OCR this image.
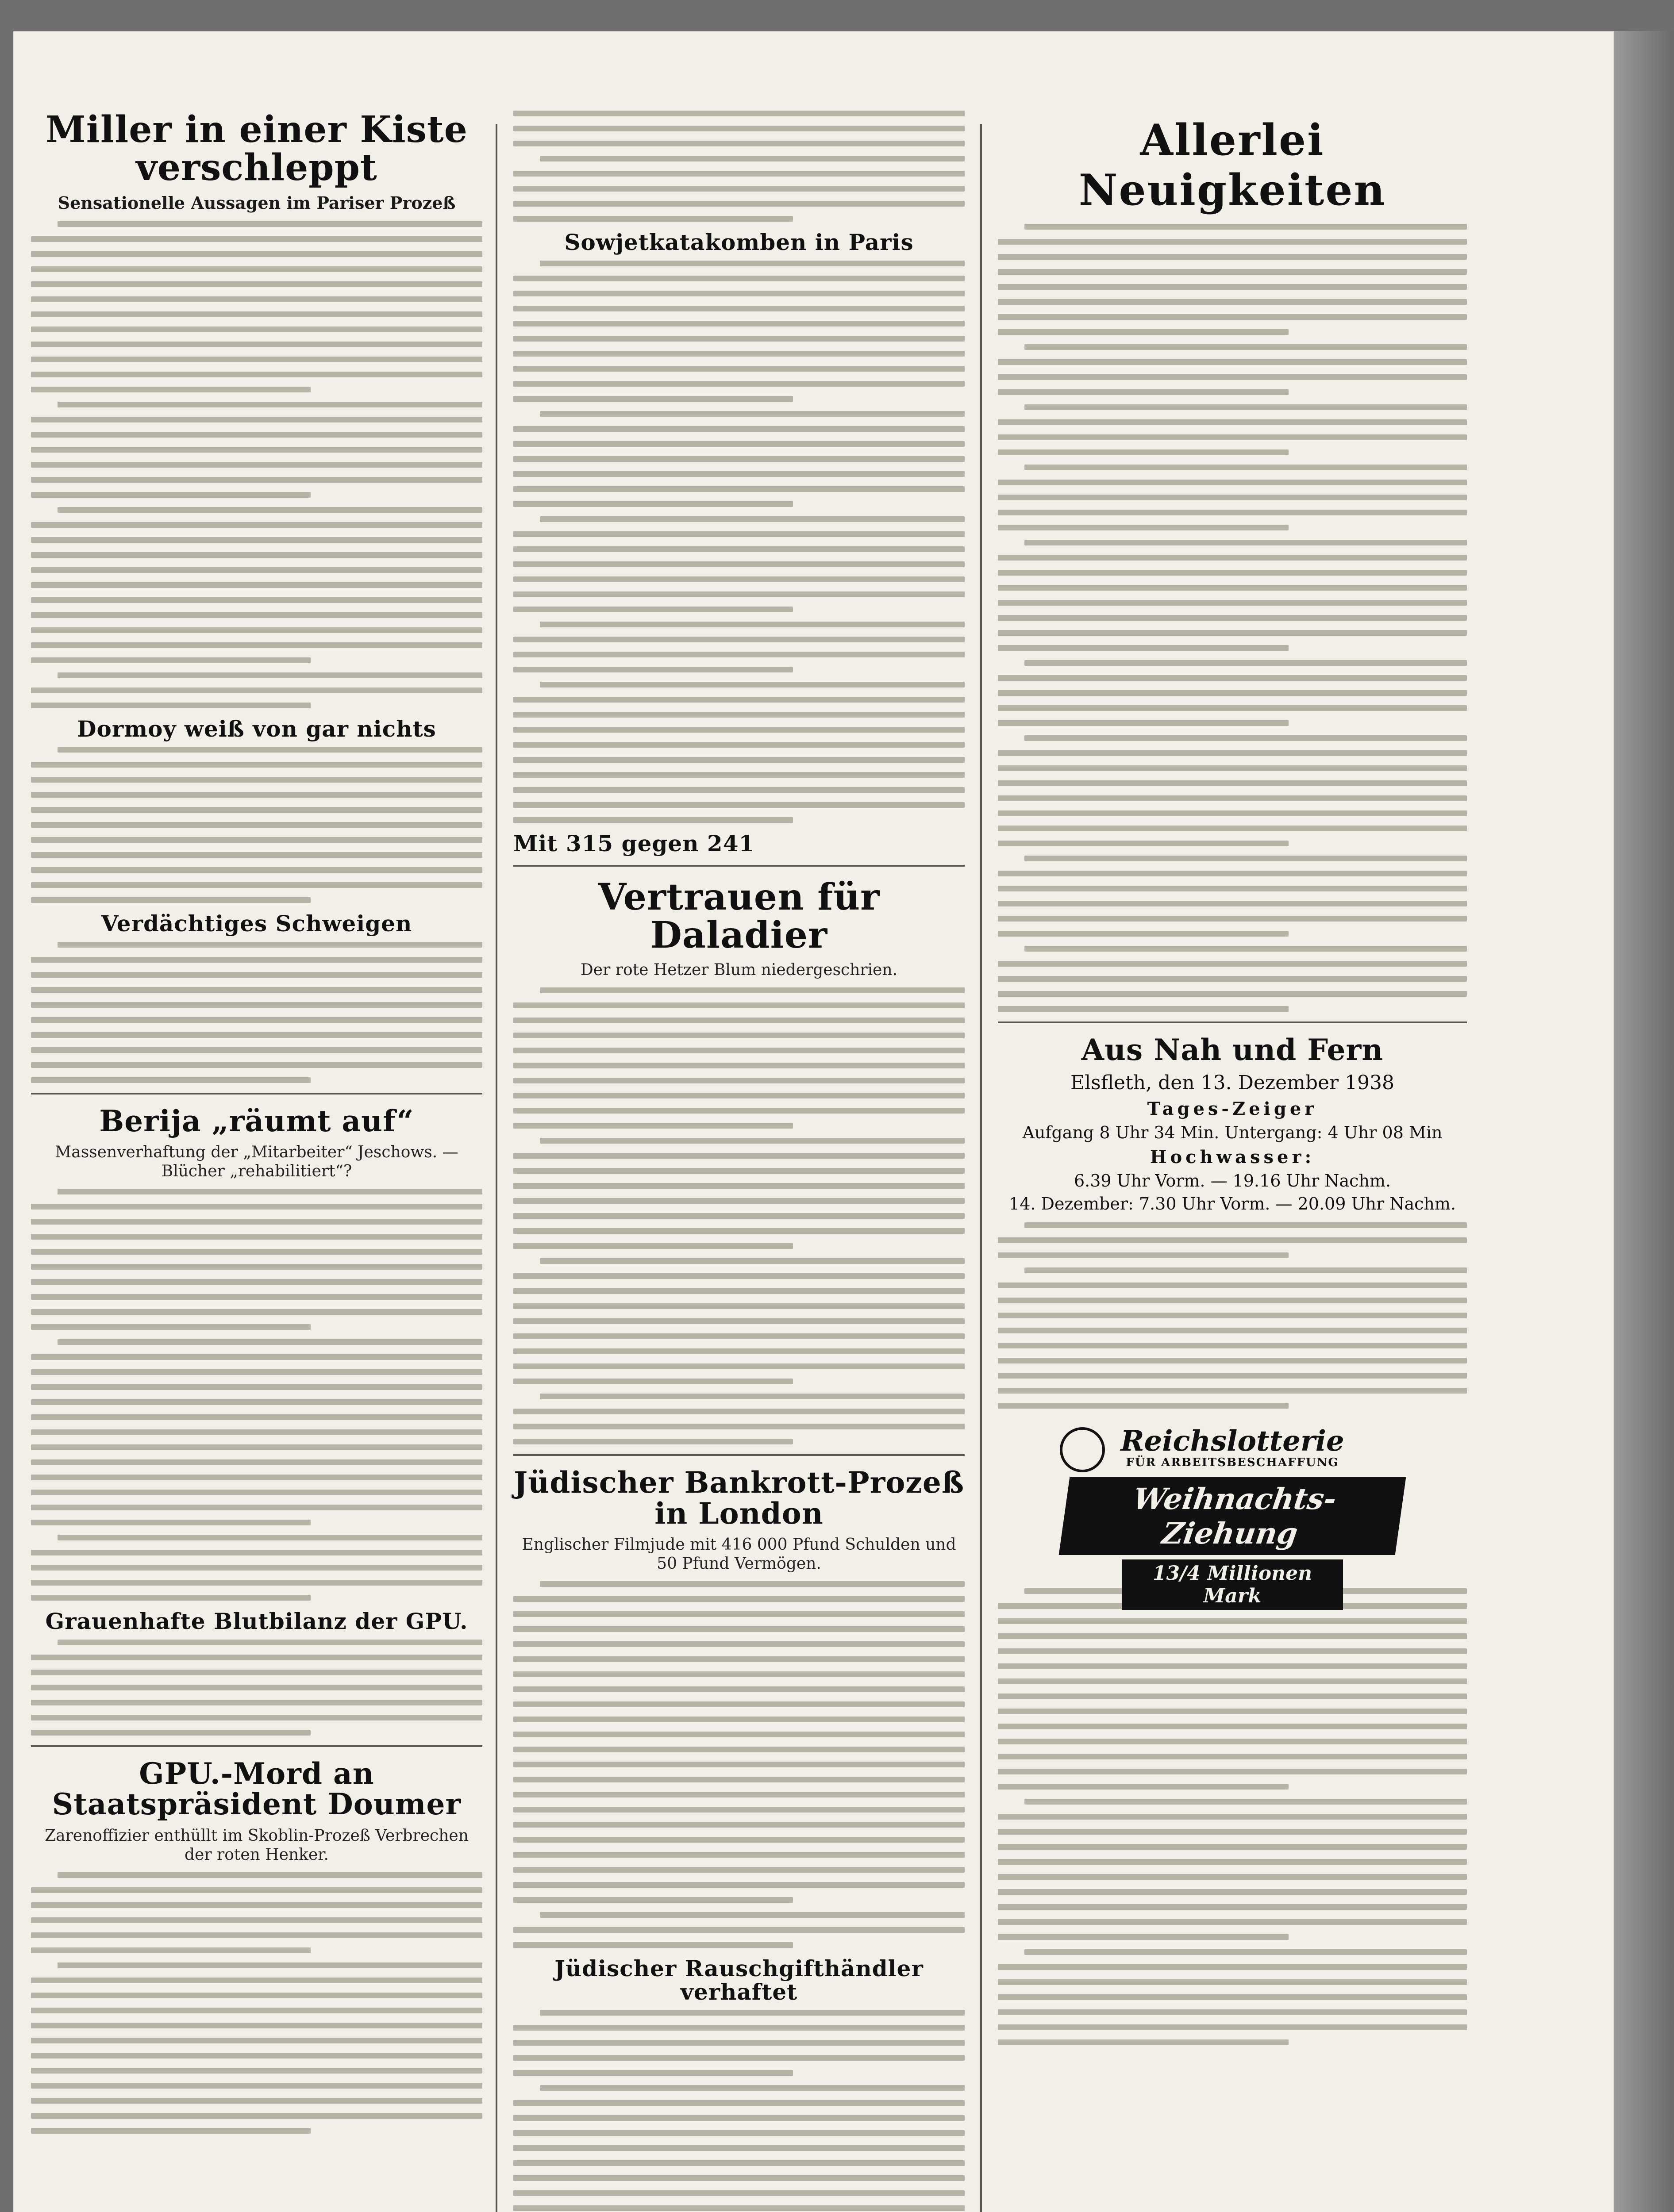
Miller in einer Kiste verschleppt
Sensationelle Aussagen im Pariser Prozeß
Dormoy weiß von gar nichts
Verdächtiges Schweigen
Berija „räumt auf“
Massenverhaftung der „Mitarbeiter“ Jeschows. — Blücher „rehabilitiert“?
Grauenhafte Blutbilanz der GPU.
GPU.-Mord an Staatspräsident Doumer
Zarenoffizier enthüllt im Skoblin-Prozeß Verbrechen der roten Henker.
Sowjetkatakomben in Paris
Mit 315 gegen 241
Vertrauen für Daladier
Der rote Hetzer Blum niedergeschrien.
Jüdischer Bankrott-Prozeß in London
Englischer Filmjude mit 416 000 Pfund Schulden und 50 Pfund Vermögen.
Jüdischer Rauschgifthändler verhaftet
Allerlei Neuigkeiten
Aus Nah und Fern
Elsfleth, den 13. Dezember 1938
Tages-Zeiger
Aufgang 8 Uhr 34 Min. Untergang: 4 Uhr 08 Min
Hochwasser:
6.39 Uhr Vorm. — 19.16 Uhr Nachm.
14. Dezember: 7.30 Uhr Vorm. — 20.09 Uhr Nachm.
Reichslotterie
FÜR ARBEITSBESCHAFFUNG
Weihnachts-Ziehung
13/4 Millionen Mark
